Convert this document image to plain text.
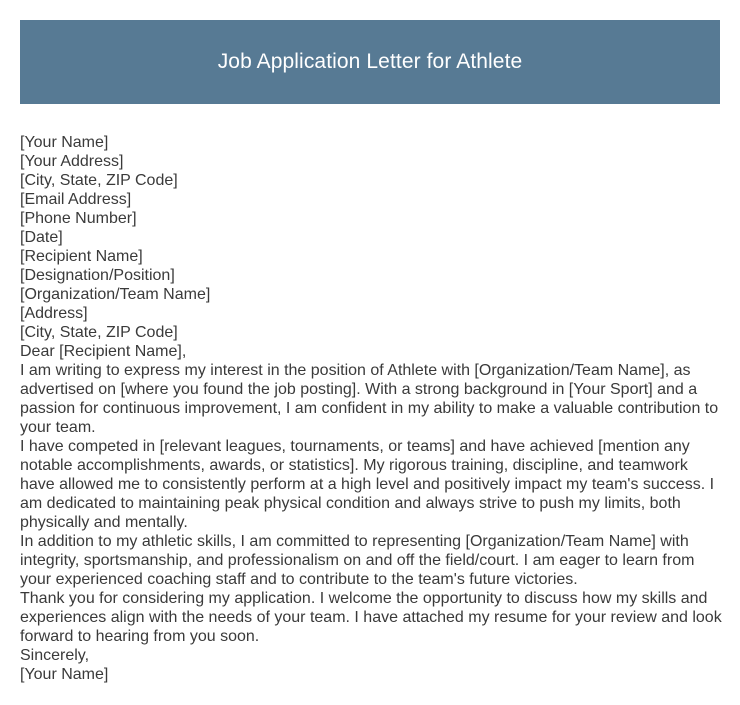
Job Application Letter for Athlete
[Your Name]
[Your Address]
[City, State, ZIP Code]
[Email Address]
[Phone Number]
[Date]
[Recipient Name]
[Designation/Position]
[Organization/Team Name]
[Address]
[City, State, ZIP Code]
Dear [Recipient Name],

I am writing to express my interest in the position of Athlete with [Organization/Team Name], as advertised on [where you found the job posting]. With a strong background in [Your Sport] and a passion for continuous improvement, I am confident in my ability to make a valuable contribution to your team.

I have competed in [relevant leagues, tournaments, or teams] and have achieved [mention any notable accomplishments, awards, or statistics]. My rigorous training, discipline, and teamwork have allowed me to consistently perform at a high level and positively impact my team's success. I am dedicated to maintaining peak physical condition and always strive to push my limits, both physically and mentally.

In addition to my athletic skills, I am committed to representing [Organization/Team Name] with integrity, sportsmanship, and professionalism on and off the field/court. I am eager to learn from your experienced coaching staff and to contribute to the team's future victories.

Thank you for considering my application. I welcome the opportunity to discuss how my skills and experiences align with the needs of your team. I have attached my resume for your review and look forward to hearing from you soon.

Sincerely,
[Your Name]
